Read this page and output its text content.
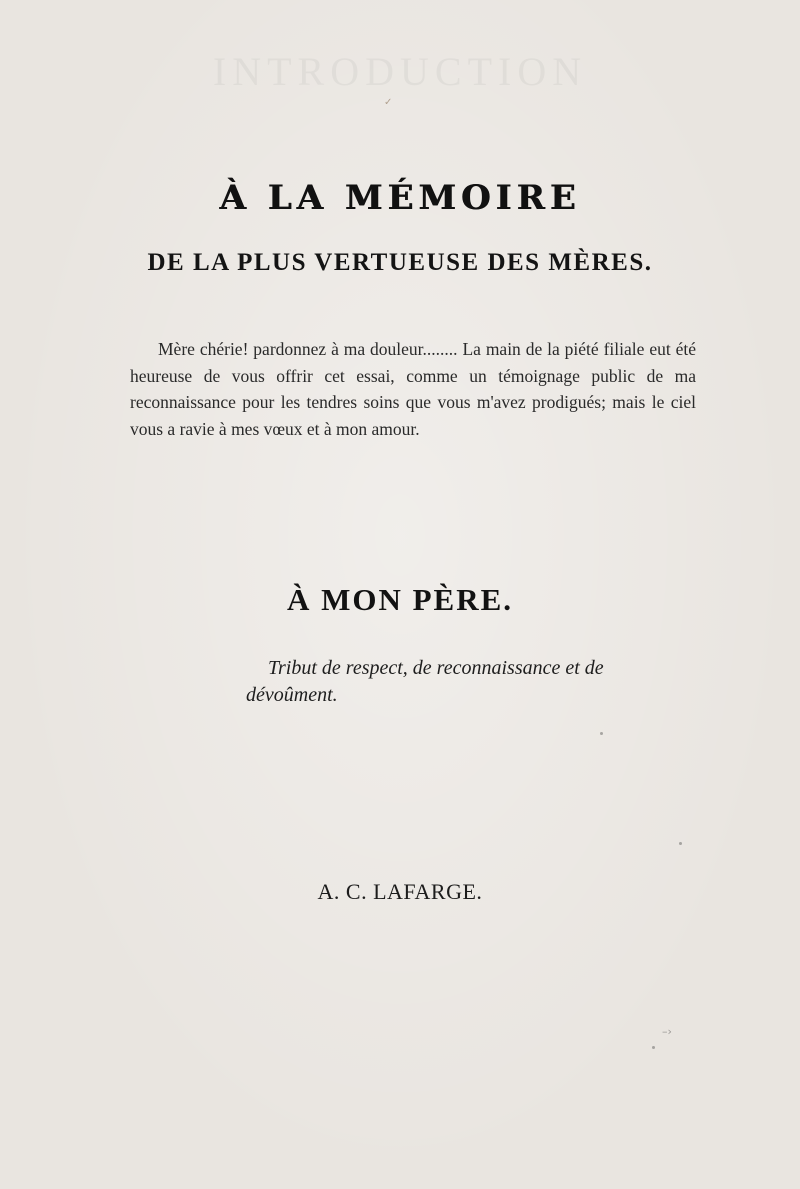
✓
À LA MÉMOIRE
DE LA PLUS VERTUEUSE DES MÈRES.

Mère chérie! pardonnez à ma douleur........ La main de la piété filiale eut été heureuse de vous offrir cet essai, comme un témoignage public de ma reconnaissance pour les tendres soins que vous m'avez prodigués; mais le ciel vous a ravie à mes vœux et à mon amour.

À MON PÈRE.

Tribut de respect, de reconnaissance et de dévoûment.

A. C. LAFARGE.
–›
